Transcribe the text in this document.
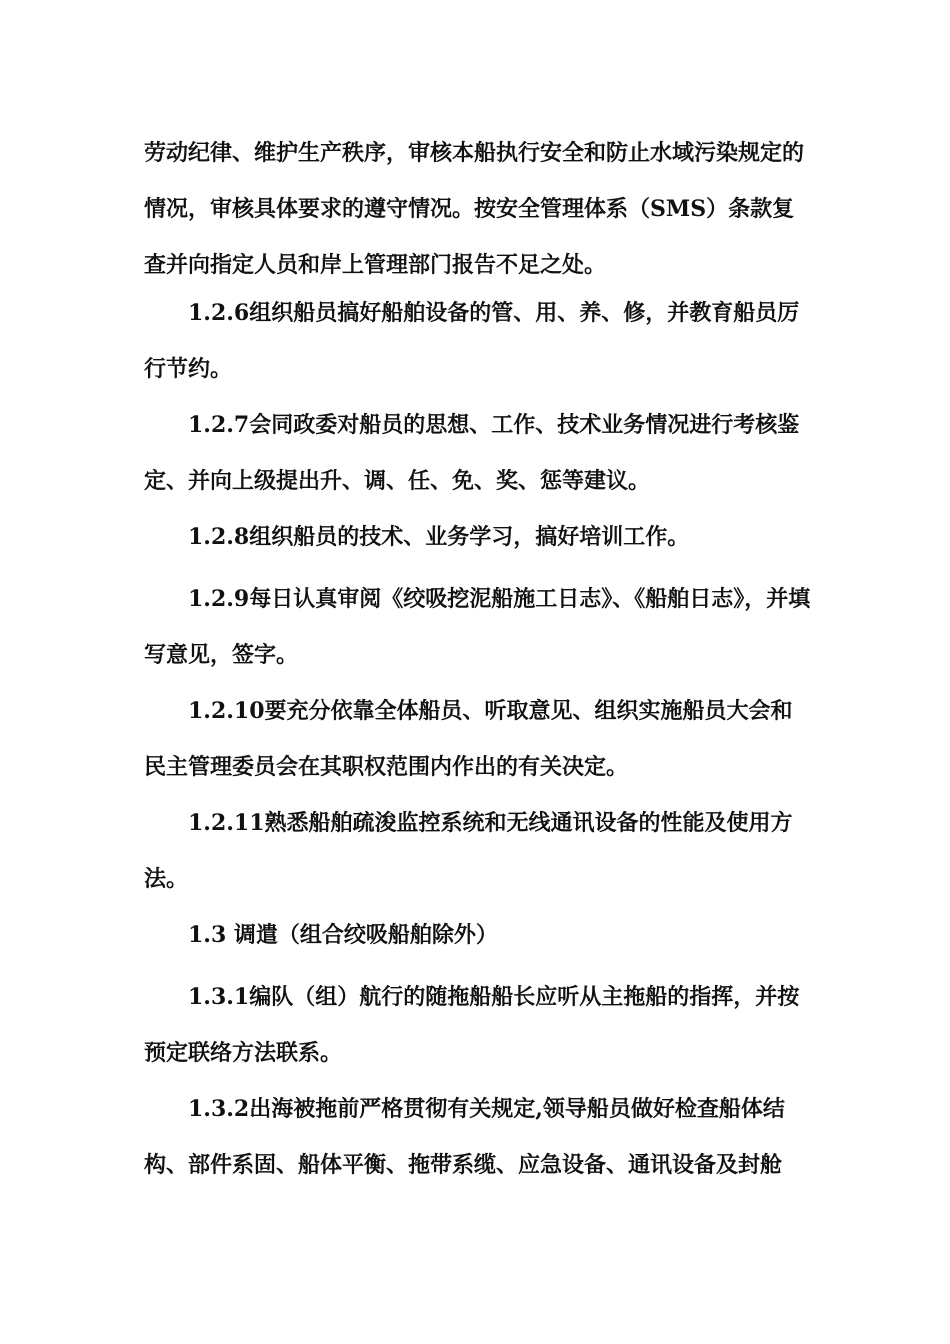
劳动纪律、维护生产秩序，审核本船执行安全和防止水域污染规定的情况，审核具体要求的遵守情况。按安全管理体系（SMS）条款复查并向指定人员和岸上管理部门报告不足之处。

1.2.6组织船员搞好船舶设备的管、用、养、修，并教育船员厉行节约。

1.2.7会同政委对船员的思想、工作、技术业务情况进行考核鉴定、并向上级提出升、调、任、免、奖、惩等建议。

1.2.8组织船员的技术、业务学习，搞好培训工作。

1.2.9每日认真审阅《绞吸挖泥船施工日志》、《船舶日志》，并填写意见，签字。

1.2.10要充分依靠全体船员、听取意见、组织实施船员大会和民主管理委员会在其职权范围内作出的有关决定。

1.2.11熟悉船舶疏浚监控系统和无线通讯设备的性能及使用方法。

1.3 调遣（组合绞吸船舶除外）

1.3.1编队（组）航行的随拖船船长应听从主拖船的指挥，并按预定联络方法联系。

1.3.2出海被拖前严格贯彻有关规定,领导船员做好检查船体结构、部件系固、船体平衡、拖带系缆、应急设备、通讯设备及封舱
